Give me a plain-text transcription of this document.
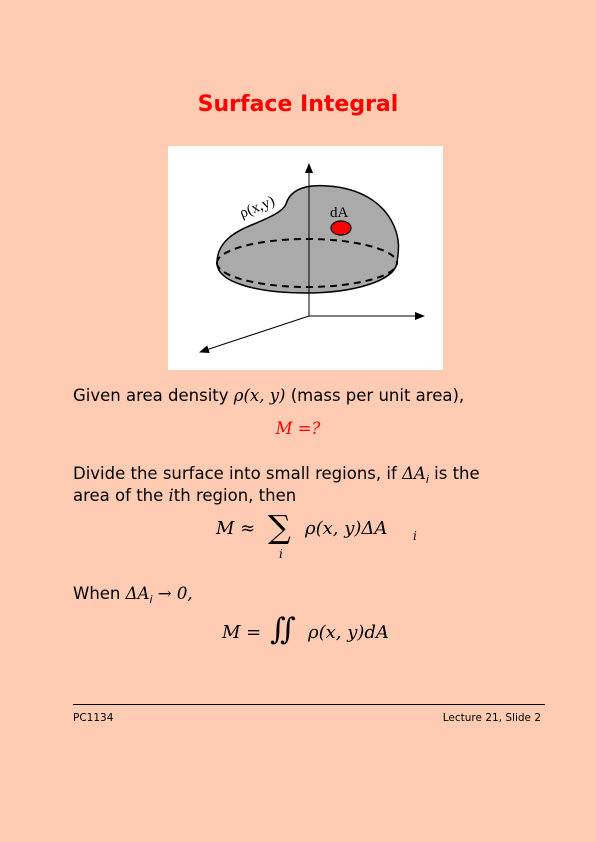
Surface Integral
dA
ρ(x,y)
Given area density ρ(x, y) (mass per unit area),
M =?
Divide the surface into small regions, if $\Delta A_i$ is the
area of the ith region, then
M ≈ ∑
i
ρ(x, y)ΔA i
When $\Delta A_i \to 0$,
M = ∬ ρ(x, y)dA
PC1134	Lecture 21, Slide 2
